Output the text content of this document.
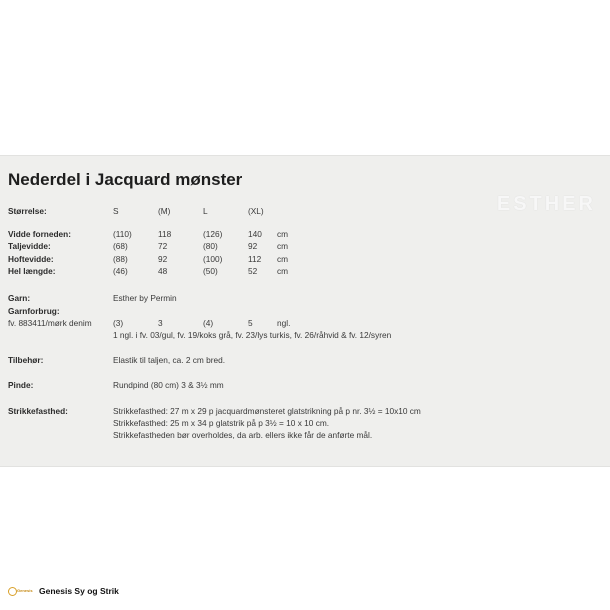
Nederdel i Jacquard mønster
ESTHER
Størrelse:	S	(M)	L	(XL)
Vidde forneden:	(110)	118	(126)	140 cm
Taljevidde:	(68)	72	(80)	92 cm
Hoftevidde:	(88)	92	(100)	112 cm
Hel længde:	(46)	48	(50)	52 cm
Garn:	Esther by Permin
Garnforbrug:
fv. 883411/mørk denim	(3)	3	(4)	5	ngl.
1 ngl. i fv. 03/gul, fv. 19/koks grå, fv. 23/lys turkis, fv. 26/råhvid & fv. 12/syren
Tilbehør:	Elastik til taljen, ca. 2 cm bred.
Pinde:	Rundpind (80 cm) 3 & 3½ mm
Strikkefasthed:	Strikkefasthed: 27 m x 29 p jacquardmønsteret glatstrikning på p nr. 3½ = 10x10 cm
Strikkefasthed: 25 m x 34 p glatstrik på p 3½ = 10 x 10 cm.
Strikkefastheden bør overholdes, da arb. ellers ikke får de anførte mål.
Genesis Genesis Sy og Strik
